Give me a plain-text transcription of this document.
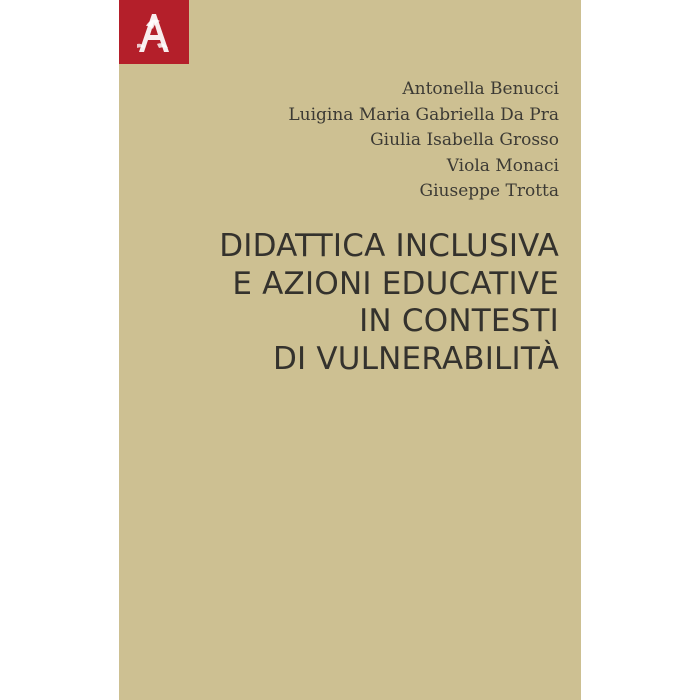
Antonella Benucci
Luigina Maria Gabriella Da Pra
Giulia Isabella Grosso
Viola Monaci
Giuseppe Trotta
DIDATTICA INCLUSIVA
E AZIONI EDUCATIVE
IN CONTESTI
DI VULNERABILITÀ
